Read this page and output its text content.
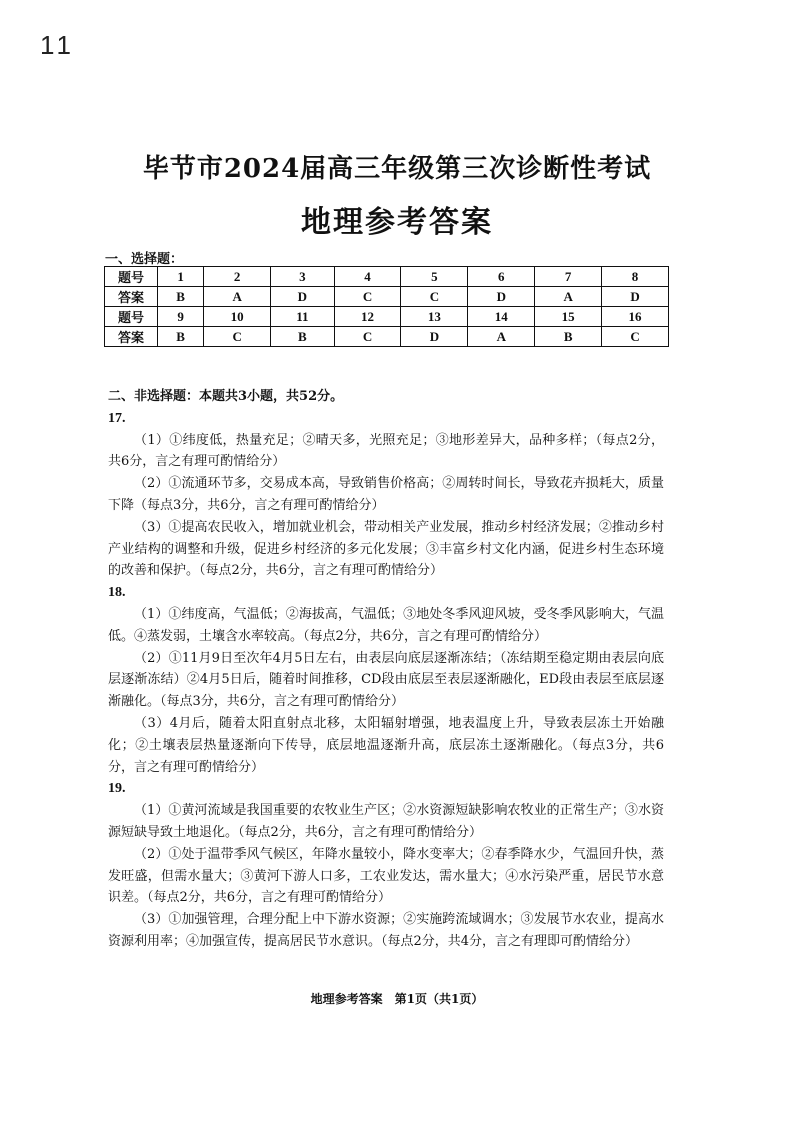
11
毕节市2024届高三年级第三次诊断性考试
地理参考答案
一、选择题：
题号	1	2	3	4	5	6	7	8
答案	B	A	D	C	C	D	A	D
题号	9	10	11	12	13	14	15	16
答案	B	C	B	C	D	A	B	C

二、非选择题：本题共3小题，共52分。

17.

（1）①纬度低，热量充足；②晴天多，光照充足；③地形差异大，品种多样；（每点2分，共6分，言之有理可酌情给分）

（2）①流通环节多，交易成本高，导致销售价格高；②周转时间长，导致花卉损耗大，质量下降（每点3分，共6分，言之有理可酌情给分）

（3）①提高农民收入，增加就业机会，带动相关产业发展，推动乡村经济发展；②推动乡村产业结构的调整和升级，促进乡村经济的多元化发展；③丰富乡村文化内涵，促进乡村生态环境的改善和保护。（每点2分，共6分，言之有理可酌情给分）

18.

（1）①纬度高，气温低；②海拔高，气温低；③地处冬季风迎风坡，受冬季风影响大，气温低。④蒸发弱，土壤含水率较高。（每点2分，共6分，言之有理可酌情给分）

（2）①11月9日至次年4月5日左右，由表层向底层逐渐冻结；（冻结期至稳定期由表层向底层逐渐冻结）②4月5日后，随着时间推移，CD段由底层至表层逐渐融化，ED段由表层至底层逐渐融化。（每点3分，共6分，言之有理可酌情给分）

（3）4月后，随着太阳直射点北移，太阳辐射增强，地表温度上升，导致表层冻土开始融化；②土壤表层热量逐渐向下传导，底层地温逐渐升高，底层冻土逐渐融化。（每点3分，共6分，言之有理可酌情给分）

19.

（1）①黄河流域是我国重要的农牧业生产区；②水资源短缺影响农牧业的正常生产；③水资源短缺导致土地退化。（每点2分，共6分，言之有理可酌情给分）

（2）①处于温带季风气候区，年降水量较小，降水变率大；②春季降水少，气温回升快，蒸发旺盛，但需水量大；③黄河下游人口多，工农业发达，需水量大；④水污染严重，居民节水意识差。（每点2分，共6分，言之有理可酌情给分）

（3）①加强管理，合理分配上中下游水资源；②实施跨流域调水；③发展节水农业，提高水资源利用率；④加强宣传，提高居民节水意识。（每点2分，共4分，言之有理即可酌情给分）

地理参考答案　第1页（共1页）
